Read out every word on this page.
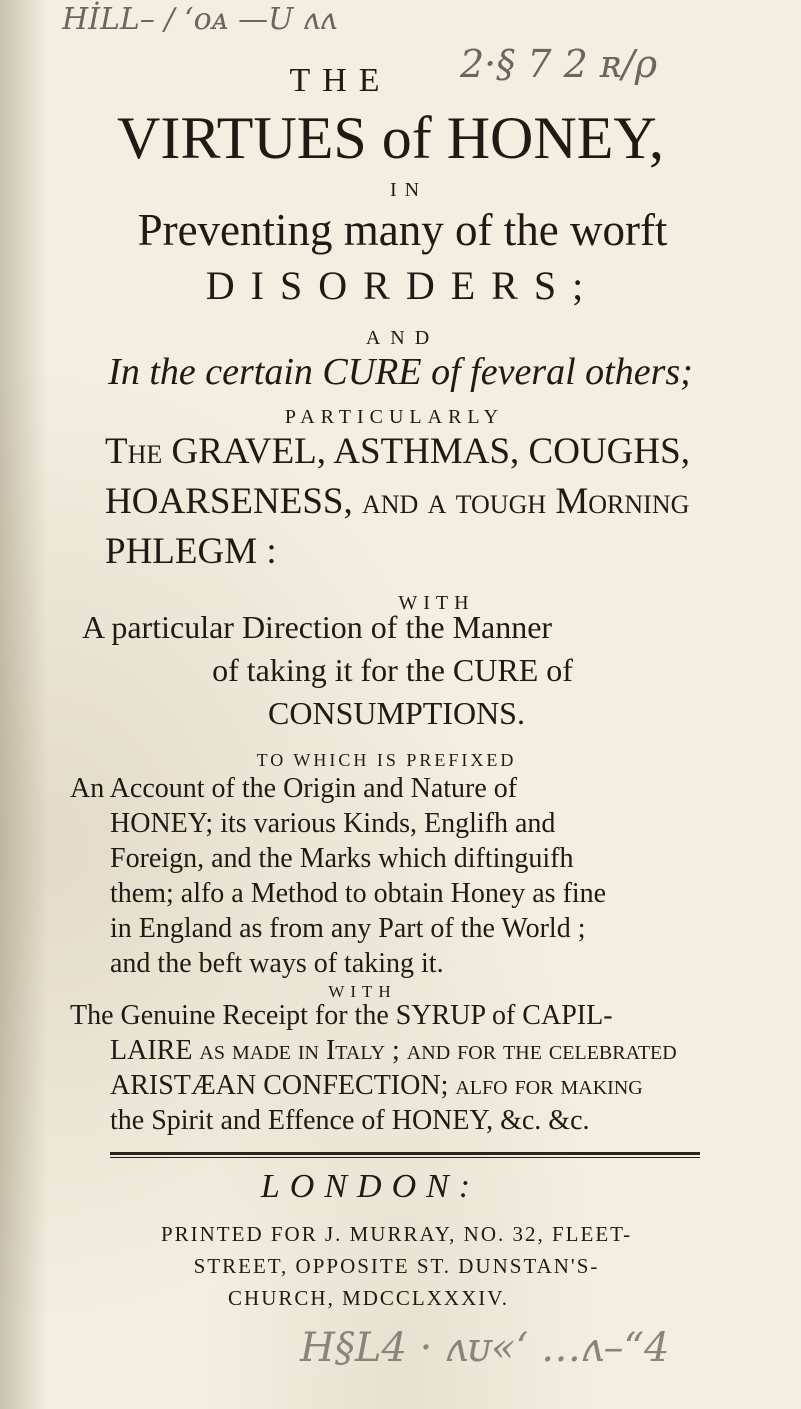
HİLL– / ʻoᴀ —U ʌʌ
2·§ 7 2 ʀ/ρ
THE
VIRTUES of HONEY,
IN
Preventing many of the worft
DISORDERS;
AND
In the certain CURE of feveral others;
PARTICULARLY
The GRAVEL, ASTHMAS, COUGHS,
HOARSENESS, and a tough Morning
PHLEGM :
WITH
A particular Direction of the Manner
of taking it for the CURE of
CONSUMPTIONS.
TO WHICH IS PREFIXED
An Account of the Origin and Nature of
HONEY; its various Kinds, Englifh and
Foreign, and the Marks which diftinguifh
them; alfo a Method to obtain Honey as fine
in England as from any Part of the World ;
and the beft ways of taking it.
WITH
The Genuine Receipt for the SYRUP of CAPIL-
LAIRE as made in Italy ; and for the celebrated
ARISTÆAN CONFECTION; alfo for making
the Spirit and Effence of HONEY, &c. &c.
LONDON:
PRINTED FOR J. MURRAY, NO. 32, FLEET-
STREET, OPPOSITE ST. DUNSTAN'S-
CHURCH, MDCCLXXXIV.
H§L4 · ʌᴜ«‘ …ʌ–“4
